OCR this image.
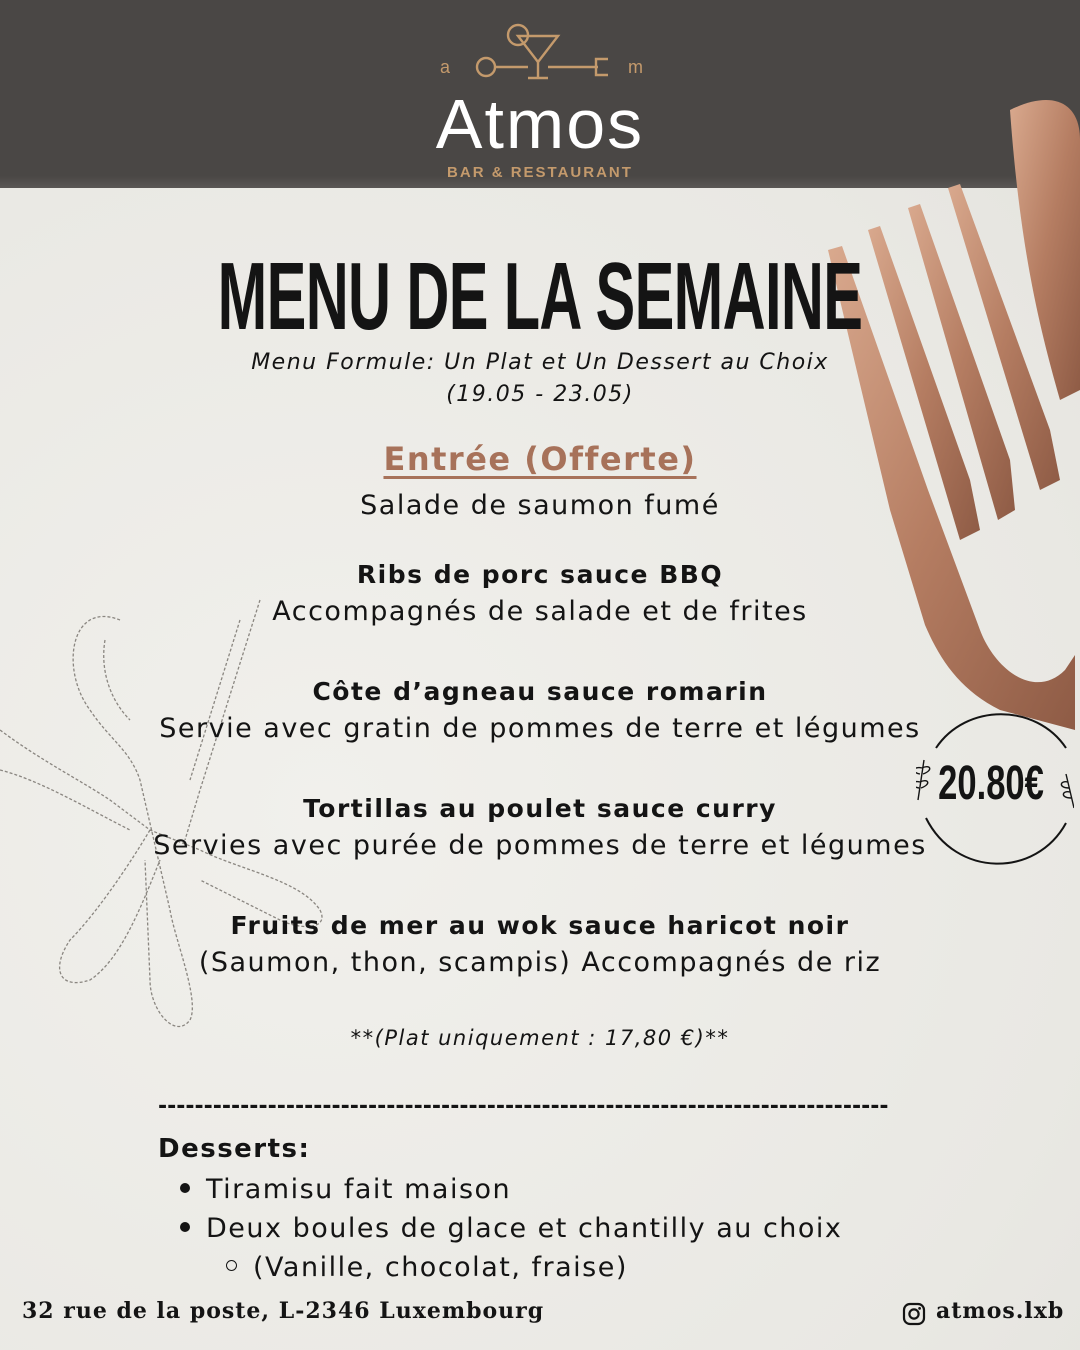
a	m
Atmos
BAR & RESTAURANT
MENU DE LA SEMAINE
Menu Formule: Un Plat et Un Dessert au Choix
(19.05 - 23.05)
Entrée (Offerte)
Salade de saumon fumé
Ribs de porc sauce BBQ
Accompagnés de salade et de frites
Côte d’agneau sauce romarin
Servie avec gratin de pommes de terre et légumes
Tortillas au poulet sauce curry
Servies avec purée de pommes de terre et légumes
Fruits de mer au wok sauce haricot noir
(Saumon, thon, scampis) Accompagnés de riz
**(Plat uniquement : 17,80 €)**
--------------------------------------------------------------------------------
Desserts:
Tiramisu fait maison
Deux boules de glace et chantilly au choix
(Vanille, chocolat, fraise)
20.80€
32 rue de la poste, L-2346 Luxembourg	atmos.lxb
